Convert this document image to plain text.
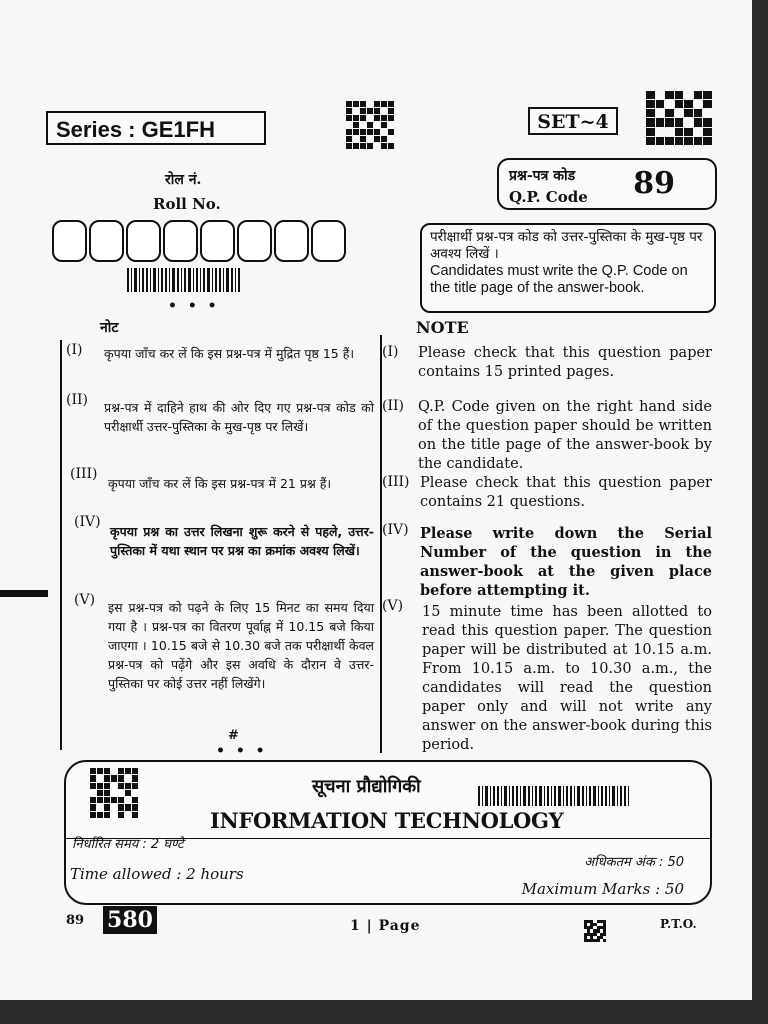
Series : GE1FH	SET~4
प्रश्न-पत्र कोड
Q.P. Code 89
रोल नं.
Roll No.
• • •
परीक्षार्थी प्रश्न-पत्र कोड को उत्तर-पुस्तिका के मुख-पृष्ठ पर अवश्य लिखें ।
Candidates must write the Q.P. Code on the title page of the answer-book.
नोट	NOTE
(I) कृपया जाँच कर लें कि इस प्रश्न-पत्र में मुद्रित पृष्ठ 15 हैं।	(I) Please check that this question paper contains 15 printed pages.
(II) प्रश्न-पत्र में दाहिने हाथ की ओर दिए गए प्रश्न-पत्र कोड को परीक्षार्थी उत्तर-पुस्तिका के मुख-पृष्ठ पर लिखें।
(II) Q.P. Code given on the right hand side of the question paper should be written on the title page of the answer-book by the candidate.
(III)
कृपया जाँच कर लें कि इस प्रश्न-पत्र में 21 प्रश्न हैं।	(III) Please check that this question paper contains 21 questions.
(IV)
कृपया प्रश्न का उत्तर लिखना शुरू करने से पहले, उत्तर-पुस्तिका में यथा स्थान पर प्रश्न का क्रमांक अवश्य लिखें।
(IV) Please write down the Serial Number of the question in the answer-book at the given place before attempting it.
(V) इस प्रश्न-पत्र को पढ़ने के लिए 15 मिनट का समय दिया गया है । प्रश्न-पत्र का वितरण पूर्वाह्न में 10.15 बजे किया जाएगा । 10.15 बजे से 10.30 बजे तक परीक्षार्थी केवल प्रश्न-पत्र को पढ़ेंगे और इस अवधि के दौरान वे उत्तर-पुस्तिका पर कोई उत्तर नहीं लिखेंगे।
(V) 15 minute time has been allotted to read this question paper. The question paper will be distributed at 10.15 a.m. From 10.15 a.m. to 10.30 a.m., the candidates will read the question paper only and will not write any answer on the answer-book during this period.
#
• • •
सूचना प्रौद्योगिकी
INFORMATION TECHNOLOGY
निर्धारित समय : 2 घण्टे
Time allowed : 2 hours
अधिकतम अंक : 50
Maximum Marks : 50
89 580	1 | Page	P.T.O.
